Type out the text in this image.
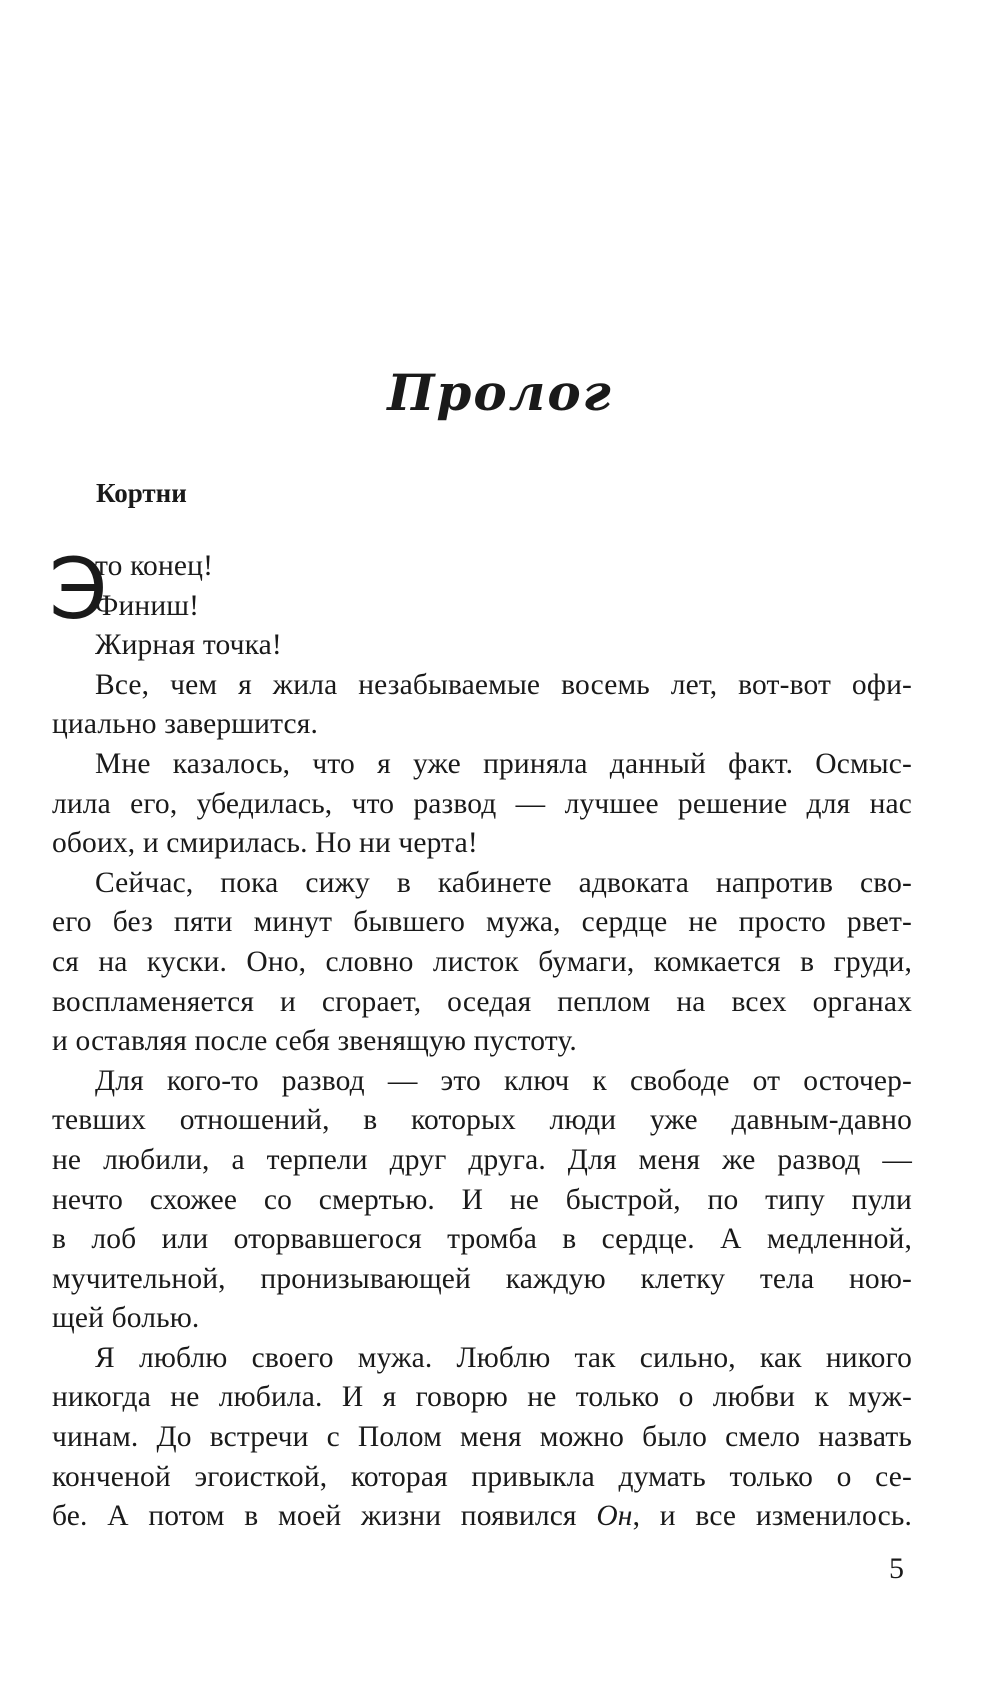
Пролог

Кортни

Э
то конец!
Финиш!
Жирная точка!
Все, чем я жила незабываемые восемь лет, вот-вот офи-
циально завершится.
Мне казалось, что я уже приняла данный факт. Осмыс-
лила его, убедилась, что развод — лучшее решение для нас
обоих, и смирилась. Но ни черта!
Сейчас, пока сижу в кабинете адвоката напротив сво-
его без пяти минут бывшего мужа, сердце не просто рвет-
ся на куски. Оно, словно листок бумаги, комкается в груди,
воспламеняется и сгорает, оседая пеплом на всех органах
и оставляя после себя звенящую пустоту.
Для кого-то развод — это ключ к свободе от осточер-
тевших отношений, в которых люди уже давным-давно
не любили, а терпели друг друга. Для меня же развод —
нечто схожее со смертью. И не быстрой, по типу пули
в лоб или оторвавшегося тромба в сердце. А медленной,
мучительной, пронизывающей каждую клетку тела ною-
щей болью.
Я люблю своего мужа. Люблю так сильно, как никого
никогда не любила. И я говорю не только о любви к муж-
чинам. До встречи с Полом меня можно было смело назвать
конченой эгоисткой, которая привыкла думать только о се-
бе. А потом в моей жизни появился Он, и все изменилось.
5
